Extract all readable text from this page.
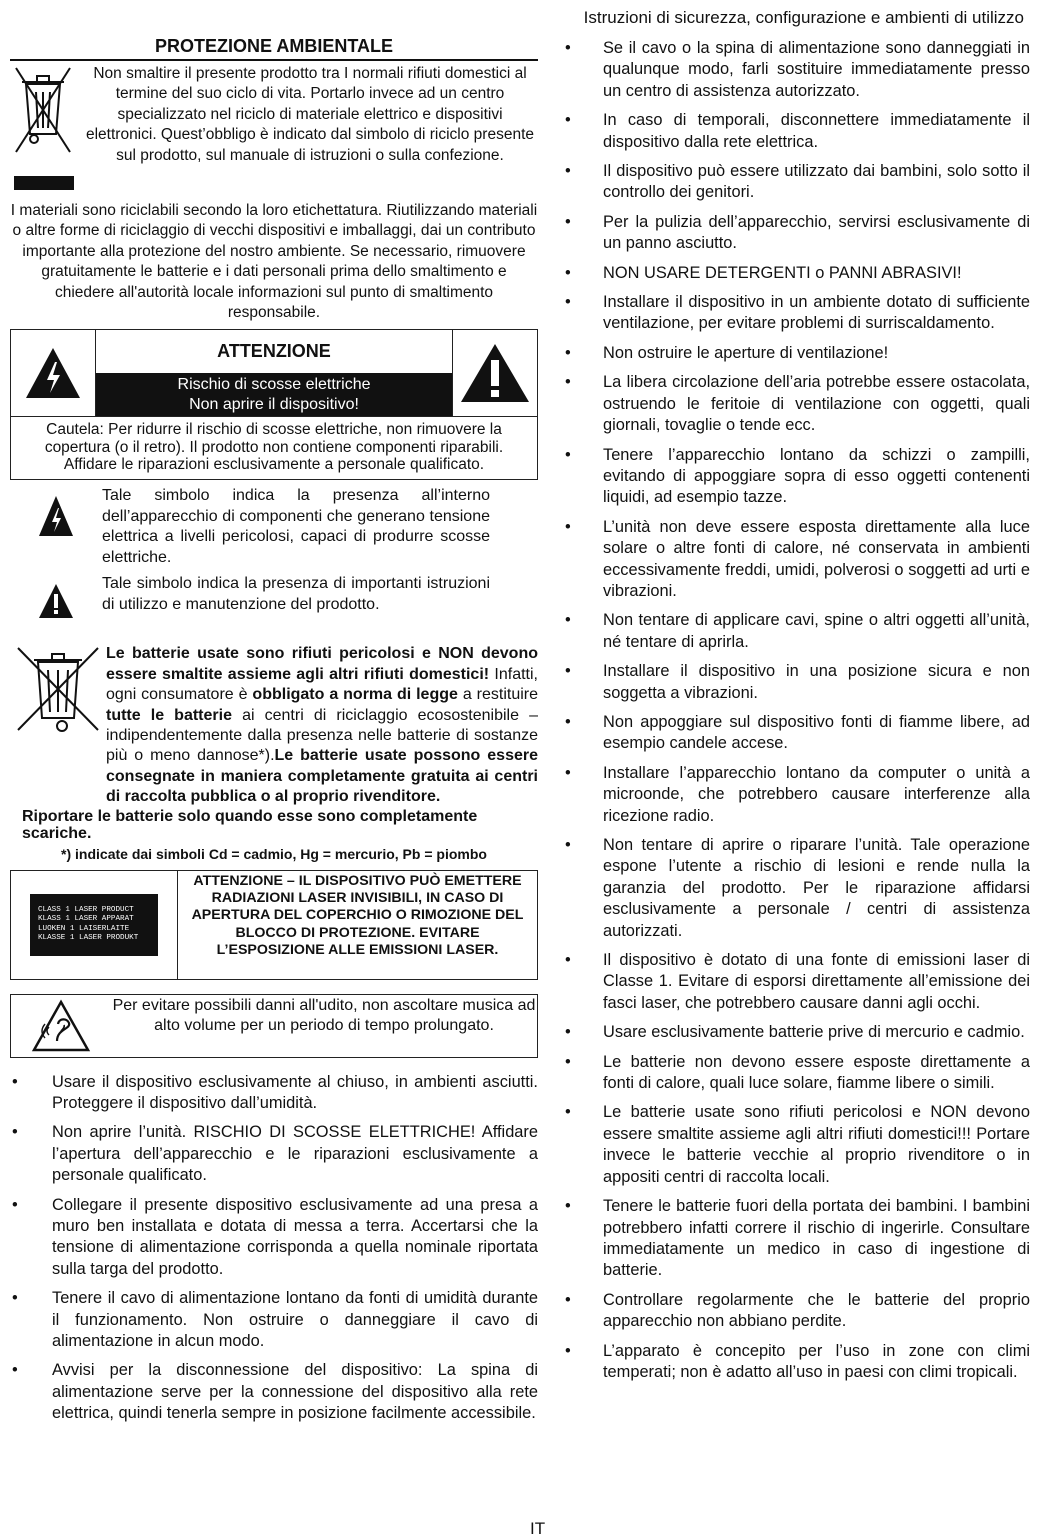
Istruzioni di sicurezza, configurazione e ambienti di utilizzo
PROTEZIONE AMBIENTALE
Non smaltire il presente prodotto tra I normali rifiuti domestici al termine del suo ciclo di vita. Portarlo invece ad un centro specializzato nel riciclo di materiale elettrico e dispositivi elettronici. Quest’obbligo è indicato dal simbolo di riciclo presente sul prodotto, sul manuale di istruzioni o sulla confezione.
I materiali sono riciclabili secondo la loro etichettatura. Riutilizzando materiali o altre forme di riciclaggio di vecchi dispositivi e imballaggi, dai un contributo importante alla protezione del nostro ambiente. Se necessario, rimuovere gratuitamente le batterie e i dati personali prima dello smaltimento e chiedere all'autorità locale informazioni sul punto di smaltimento responsabile.
ATTENZIONE
Rischio di scosse elettriche
Non aprire il dispositivo!
Cautela: Per ridurre il rischio di scosse elettriche, non rimuovere la copertura (o il retro). Il prodotto non contiene componenti riparabili. Affidare le riparazioni esclusivamente a personale qualificato.
Tale simbolo indica la presenza all’interno dell’apparecchio di componenti che generano tensione elettrica a livelli pericolosi, capaci di produrre scosse elettriche.
Tale simbolo indica la presenza di importanti istruzioni di utilizzo e manutenzione del prodotto.
Le batterie usate sono rifiuti pericolosi e NON devono essere smaltite assieme agli altri rifiuti domestici! Infatti, ogni consumatore è obbligato a norma di legge a restituire tutte le batterie ai centri di riciclaggio ecosostenibile – indipendentemente dalla presenza nelle batterie di sostanze più o meno dannose*).Le batterie usate possono essere consegnate in maniera completamente gratuita ai centri di raccolta pubblica o al proprio rivenditore.
Riportare le batterie solo quando esse sono completamente scariche.
*) indicate dai simboli Cd = cadmio, Hg = mercurio, Pb = piombo
CLASS 1 LASER PRODUCT
KLASS 1 LASER APPARAT
LUOKEN 1 LAISERLAITE
KLASSE 1 LASER PRODUKT
ATTENZIONE – IL DISPOSITIVO PUÒ EMETTERE RADIAZIONI LASER INVISIBILI, IN CASO DI APERTURA DEL COPERCHIO O RIMOZIONE DEL BLOCCO DI PROTEZIONE. EVITARE L’ESPOSIZIONE ALLE EMISSIONI LASER.
Per evitare possibili danni all'udito, non ascoltare musica ad alto volume per un periodo di tempo prolungato.
• Usare il dispositivo esclusivamente al chiuso, in ambienti asciutti. Proteggere il dispositivo dall’umidità.
• Non aprire l’unità. RISCHIO DI SCOSSE ELETTRICHE! Affidare l’apertura dell’apparecchio e le riparazioni esclusivamente a personale qualificato.
• Collegare il presente dispositivo esclusivamente ad una presa a muro ben installata e dotata di messa a terra. Accertarsi che la tensione di alimentazione corrisponda a quella nominale riportata sulla targa del prodotto.
• Tenere il cavo di alimentazione lontano da fonti di umidità durante il funzionamento. Non ostruire o danneggiare il cavo di alimentazione in alcun modo.
• Avvisi per la disconnessione del dispositivo: La spina di alimentazione serve per la connessione del dispositivo alla rete elettrica, quindi tenerla sempre in posizione facilmente accessibile.
• Se il cavo o la spina di alimentazione sono danneggiati in qualunque modo, farli sostituire immediatamente presso un centro di assistenza autorizzato.
• In caso di temporali, disconnettere immediatamente il dispositivo dalla rete elettrica.
• Il dispositivo può essere utilizzato dai bambini, solo sotto il controllo dei genitori.
• Per la pulizia dell’apparecchio, servirsi esclusivamente di un panno asciutto.
• NON USARE DETERGENTI o PANNI ABRASIVI!
• Installare il dispositivo in un ambiente dotato di sufficiente ventilazione, per evitare problemi di surriscaldamento.
• Non ostruire le aperture di ventilazione!
• La libera circolazione dell’aria potrebbe essere ostacolata, ostruendo le feritoie di ventilazione con oggetti, quali giornali, tovaglie o tende ecc.
• Tenere l’apparecchio lontano da schizzi o zampilli, evitando di appoggiare sopra di esso oggetti contenenti liquidi, ad esempio tazze.
• L’unità non deve essere esposta direttamente alla luce solare o altre fonti di calore, né conservata in ambienti eccessivamente freddi, umidi, polverosi o soggetti ad urti e vibrazioni.
• Non tentare di applicare cavi, spine o altri oggetti all’unità, né tentare di aprirla.
• Installare il dispositivo in una posizione sicura e non soggetta a vibrazioni.
• Non appoggiare sul dispositivo fonti di fiamme libere, ad esempio candele accese.
• Installare l’apparecchio lontano da computer o unità a microonde, che potrebbero causare interferenze alla ricezione radio.
• Non tentare di aprire o riparare l’unità. Tale operazione espone l’utente a rischio di lesioni e rende nulla la garanzia del prodotto. Per le riparazione affidarsi esclusivamente a personale / centri di assistenza autorizzati.
• Il dispositivo è dotato di una fonte di emissioni laser di Classe 1. Evitare di esporsi direttamente all’emissione dei fasci laser, che potrebbero causare danni agli occhi.
• Usare esclusivamente batterie prive di mercurio e cadmio.
• Le batterie non devono essere esposte direttamente a fonti di calore, quali luce solare, fiamme libere o simili.
• Le batterie usate sono rifiuti pericolosi e NON devono essere smaltite assieme agli altri rifiuti domestici!!! Portare invece le batterie vecchie al proprio rivenditore o in appositi centri di raccolta locali.
• Tenere le batterie fuori della portata dei bambini. I bambini potrebbero infatti correre il rischio di ingerirle. Consultare immediatamente un medico in caso di ingestione di batterie.
• Controllare regolarmente che le batterie del proprio apparecchio non abbiano perdite.
• L’apparato è concepito per l’uso in zone con climi temperati; non è adatto all’uso in paesi con climi tropicali.
IT
